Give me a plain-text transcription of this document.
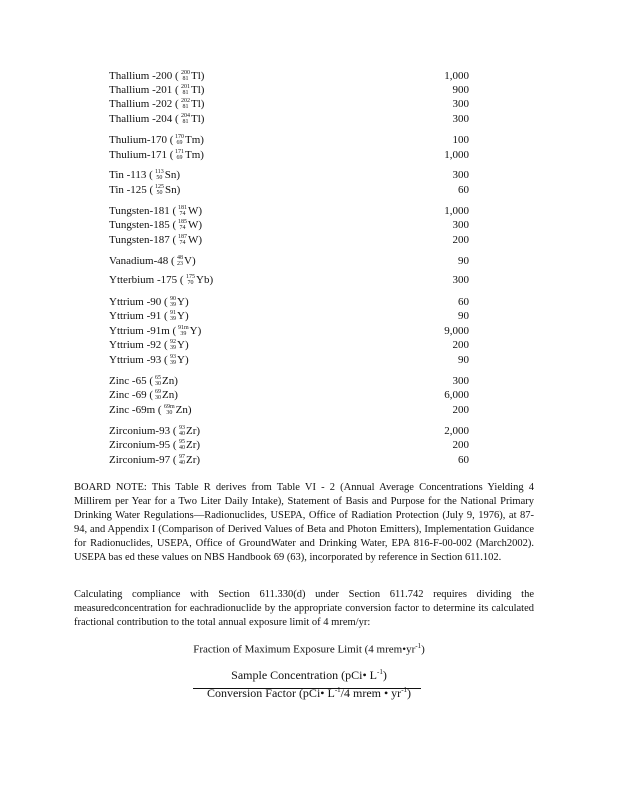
Thallium -200 ( 200
81 Tl)	1,000
Thallium -201 ( 201
81 Tl)	900
Thallium -202 ( 202
81 Tl)	300
Thallium -204 ( 204
81 Tl)	300
Thulium-170 ( 170
69 Tm)	100
Thulium-171 ( 171
69 Tm)	1,000
Tin -113 ( 113
50 Sn)	300
Tin -125 ( 125
50 Sn)	60
Tungsten-181 ( 181
74 W)	1,000
Tungsten-185 ( 185
74 W)	300
Tungsten-187 ( 187
74 W)	200
Vanadium-48 ( 48
23 V)	90
Ytterbium -175 ( 175
70 Yb)	300
Yttrium -90 ( 90
39 Y)	60
Yttrium -91 ( 91
39 Y)	90
Yttrium -91m ( 91m
39 Y)	9,000
Yttrium -92 ( 92
39 Y)	200
Yttrium -93 ( 93
39 Y)	90
Zinc -65 ( 65
30 Zn)	300
Zinc -69 ( 69
30 Zn)	6,000
Zinc -69m ( 69m
30 Zn)	200
Zirconium-93 ( 93
40 Zr)	2,000
Zirconium-95 ( 95
40 Zr)	200
Zirconium-97 ( 97
40 Zr)	60
BOARD NOTE: This Table R derives from Table VI - 2 (Annual Average Concentrations Yielding 4 Millirem per Year for a Two Liter Daily Intake), Statement of Basis and Purpose for the National Primary Drinking Water Regulations—Radionuclides, USEPA, Office of Radiation Protection (July 9, 1976), at 87-94, and Appendix I (Comparison of Derived Values of Beta and Photon Emitters), Implementation Guidance for Radionuclides, USEPA, Office of GroundWater and Drinking Water, EPA 816-F-00-002 (March2002). USEPA bas ed these values on NBS Handbook 69 (63), incorporated by reference in Section 611.102.
Calculating compliance with Section 611.330(d) under Section 611.742 requires dividing the measuredconcentration for eachradionuclide by the appropriate conversion factor to determine its calculated fractional contribution to the total annual exposure limit of 4 mrem/yr:
Fraction of Maximum Exposure Limit (4 $mrem•yr^{-1}$)
Sample Concentration (pCi• $L^{-1}$)
Conversion Factor (pCi• $L^{-1}/4$ mrem • $yr^{-1}$)
